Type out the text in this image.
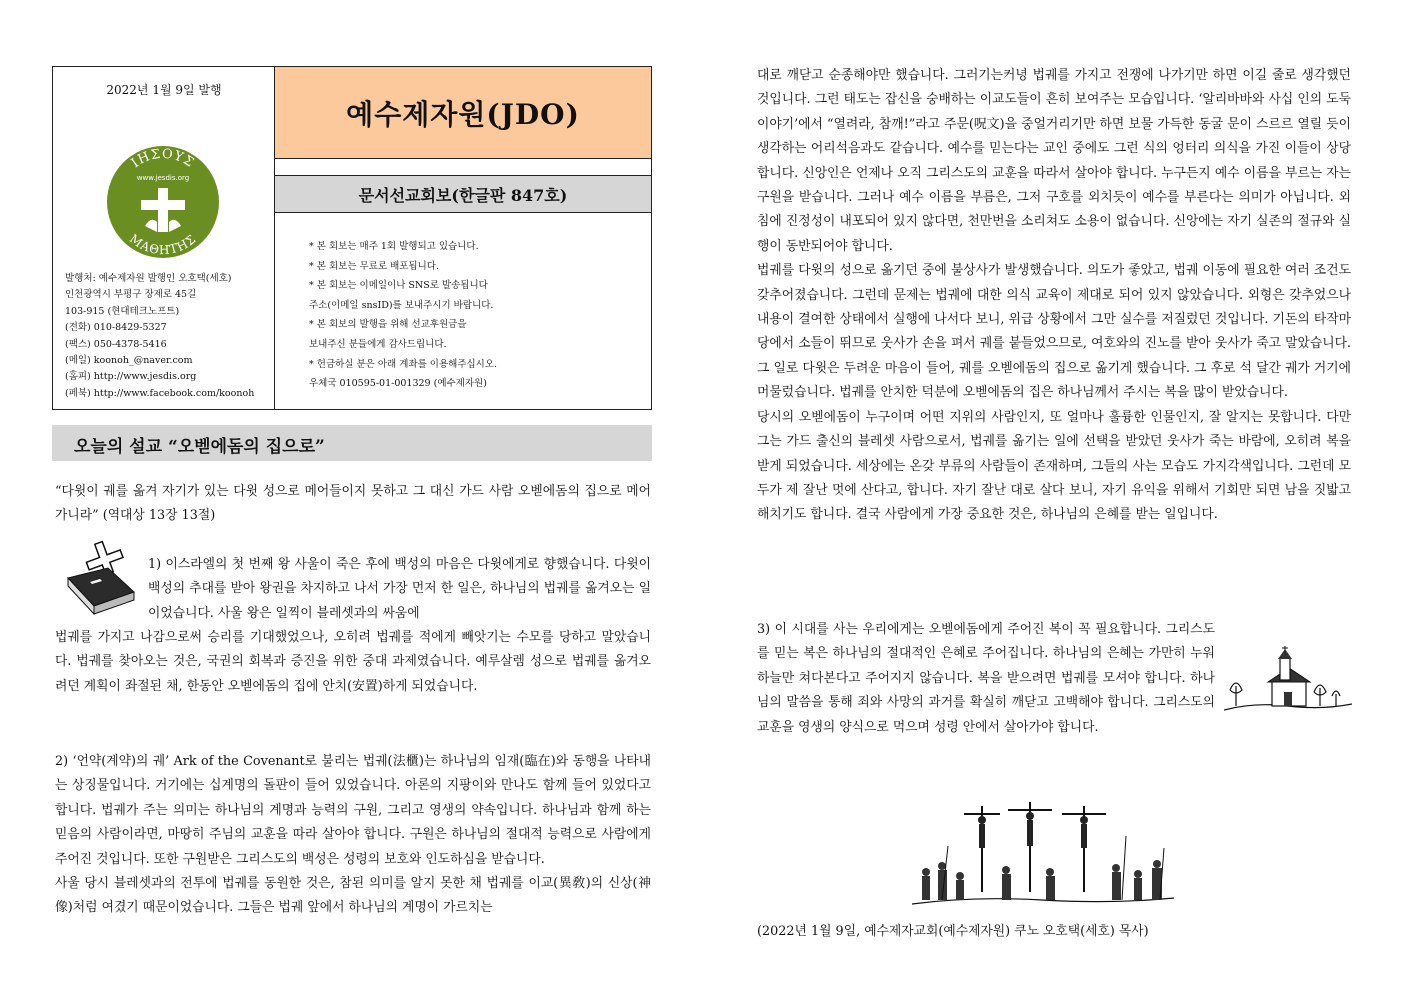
2022년 1월 9일 발행
ΙΗΣΟΥΣ
www.jesdis.org
ΜΑΘΗΤΗΣ
발행처: 예수제자원 발행인 오호택(세호)
인천광역시 부평구 장제로 45길
103-915 (현대테크노프트)
(전화) 010-8429-5327
(팩스) 050-4378-5416
(메일) koonoh_@naver.com
(홈피) http://www.jesdis.org
(페북) http://www.facebook.com/koonoh
예수제자원(JDO)
문서선교회보(한글판 847호)
* 본 회보는 매주 1회 발행되고 있습니다.
* 본 회보는 무료로 배포됩니다.
* 본 회보는 이메일이나 SNS로 발송됩니다
주소(이메일 snsID)를 보내주시기 바랍니다.
* 본 회보의 발행을 위해 선교후원금을
보내주신 분들에게 감사드립니다.
* 헌금하실 분은 아래 계좌를 이용해주십시오.
우체국 010595-01-001329 (예수제자원)
오늘의 설교 “오벧에돔의 집으로”
“다윗이 궤를 옮겨 자기가 있는 다윗 성으로 메어들이지 못하고 그 대신 가드 사람 오벧에돔의 집으로 메어가니라” (역대상 13장 13절)
1) 이스라엘의 첫 번째 왕 사울이 죽은 후에 백성의 마음은 다윗에게로 향했습니다. 다윗이 백성의 추대를 받아 왕권을 차지하고 나서 가장 먼저 한 일은, 하나님의 법궤를 옮겨오는 일이었습니다. 사울 왕은 일찍이 블레셋과의 싸움에
법궤를 가지고 나감으로써 승리를 기대했었으나, 오히려 법궤를 적에게 빼앗기는 수모를 당하고 말았습니다. 법궤를 찾아오는 것은, 국권의 회복과 증진을 위한 중대 과제였습니다. 예루살렘 성으로 법궤를 옮겨오려던 계획이 좌절된 채, 한동안 오벧에돔의 집에 안치(安置)하게 되었습니다.
2) ‘언약(계약)의 궤’ Ark of the Covenant로 불리는 법궤(法櫃)는 하나님의 임재(臨在)와 동행을 나타내는 상징물입니다. 거기에는 십계명의 돌판이 들어 있었습니다. 아론의 지팡이와 만나도 함께 들어 있었다고 합니다. 법궤가 주는 의미는 하나님의 계명과 능력의 구원, 그리고 영생의 약속입니다. 하나님과 함께 하는 믿음의 사람이라면, 마땅히 주님의 교훈을 따라 살아야 합니다. 구원은 하나님의 절대적 능력으로 사람에게 주어진 것입니다. 또한 구원받은 그리스도의 백성은 성령의 보호와 인도하심을 받습니다.
사울 당시 블레셋과의 전투에 법궤를 동원한 것은, 참된 의미를 알지 못한 채 법궤를 이교(異敎)의 신상(神像)처럼 여겼기 때문이었습니다. 그들은 법궤 앞에서 하나님의 계명이 가르치는
대로 깨닫고 순종해야만 했습니다. 그러기는커녕 법궤를 가지고 전쟁에 나가기만 하면 이길 줄로 생각했던 것입니다. 그런 태도는 잡신을 숭배하는 이교도들이 흔히 보여주는 모습입니다. ‘알리바바와 사십 인의 도둑 이야기’에서 “열려라, 참깨!”라고 주문(呪文)을 중얼거리기만 하면 보물 가득한 동굴 문이 스르르 열릴 듯이 생각하는 어리석음과도 같습니다. 예수를 믿는다는 교인 중에도 그런 식의 엉터리 의식을 가진 이들이 상당합니다. 신앙인은 언제나 오직 그리스도의 교훈을 따라서 살아야 합니다. 누구든지 예수 이름을 부르는 자는 구원을 받습니다. 그러나 예수 이름을 부름은, 그저 구호를 외치듯이 예수를 부른다는 의미가 아닙니다. 외침에 진정성이 내포되어 있지 않다면, 천만번을 소리쳐도 소용이 없습니다. 신앙에는 자기 실존의 절규와 실행이 동반되어야 합니다.
법궤를 다윗의 성으로 옮기던 중에 불상사가 발생했습니다. 의도가 좋았고, 법궤 이동에 필요한 여러 조건도 갖추어졌습니다. 그런데 문제는 법궤에 대한 의식 교육이 제대로 되어 있지 않았습니다. 외형은 갖추었으나 내용이 결여한 상태에서 실행에 나서다 보니, 위급 상황에서 그만 실수를 저질렀던 것입니다. 기돈의 타작마당에서 소들이 뛰므로 웃사가 손을 펴서 궤를 붙들었으므로, 여호와의 진노를 받아 웃사가 죽고 말았습니다. 그 일로 다윗은 두려운 마음이 들어, 궤를 오벧에돔의 집으로 옮기게 했습니다. 그 후로 석 달간 궤가 거기에 머물렀습니다. 법궤를 안치한 덕분에 오벧에돔의 집은 하나님께서 주시는 복을 많이 받았습니다.
당시의 오벧에돔이 누구이며 어떤 지위의 사람인지, 또 얼마나 훌륭한 인물인지, 잘 알지는 못합니다. 다만 그는 가드 출신의 블레셋 사람으로서, 법궤를 옮기는 일에 선택을 받았던 웃사가 죽는 바람에, 오히려 복을 받게 되었습니다. 세상에는 온갖 부류의 사람들이 존재하며, 그들의 사는 모습도 가지각색입니다. 그런데 모두가 제 잘난 멋에 산다고, 합니다. 자기 잘난 대로 살다 보니, 자기 유익을 위해서 기회만 되면 남을 짓밟고 해치기도 합니다. 결국 사람에게 가장 중요한 것은, 하나님의 은혜를 받는 일입니다.
3) 이 시대를 사는 우리에게는 오벧에돔에게 주어진 복이 꼭 필요합니다. 그리스도를 믿는 복은 하나님의 절대적인 은혜로 주어집니다. 하나님의 은혜는 가만히 누워 하늘만 쳐다본다고 주어지지 않습니다. 복을 받으려면 법궤를 모셔야 합니다. 하나님의 말씀을 통해 죄와 사망의 과거를 확실히 깨닫고 고백해야 합니다. 그리스도의 교훈을 영생의 양식으로 먹으며 성령 안에서 살아가야 합니다.
(2022년 1월 9일, 예수제자교회(예수제자원) 쿠노 오호택(세호) 목사)
